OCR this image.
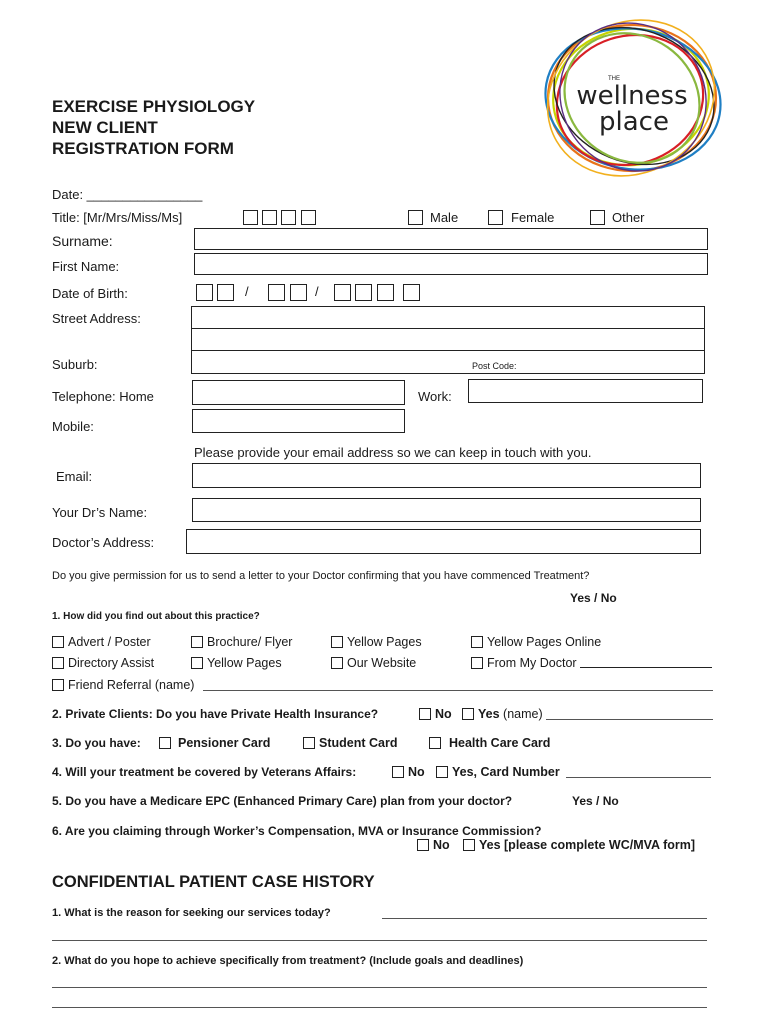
THE
wellness
place
EXERCISE PHYSIOLOGY
NEW CLIENT
REGISTRATION FORM
Date: ________________
Title: [Mr/Mrs/Miss/Ms]	Male	Female	Other
Surname:
First Name:
Date of Birth:	/	/
Street Address:
Suburb:	Post Code:
Telephone: Home	Work:
Mobile:
Please provide your email address so we can keep in touch with you.
Email:
Your Dr’s Name:
Doctor’s Address:
Do you give permission for us to send a letter to your Doctor confirming that you have commenced Treatment?
Yes / No
1. How did you find out about this practice?
Advert / Poster	Brochure/ Flyer	Yellow Pages	Yellow Pages Online
Directory Assist	Yellow Pages	Our Website	From My Doctor
Friend Referral (name)
2. Private Clients: Do you have Private Health Insurance?	No	Yes (name)
3. Do you have:	Pensioner Card	Student Card	Health Care Card
4. Will your treatment be covered by Veterans Affairs:	No	Yes, Card Number
5. Do you have a Medicare EPC (Enhanced Primary Care) plan from your doctor?	Yes / No
6. Are you claiming through Worker’s Compensation, MVA or Insurance Commission?
No	Yes [please complete WC/MVA form]
CONFIDENTIAL PATIENT CASE HISTORY
1. What is the reason for seeking our services today?
2. What do you hope to achieve specifically from treatment? (Include goals and deadlines)
